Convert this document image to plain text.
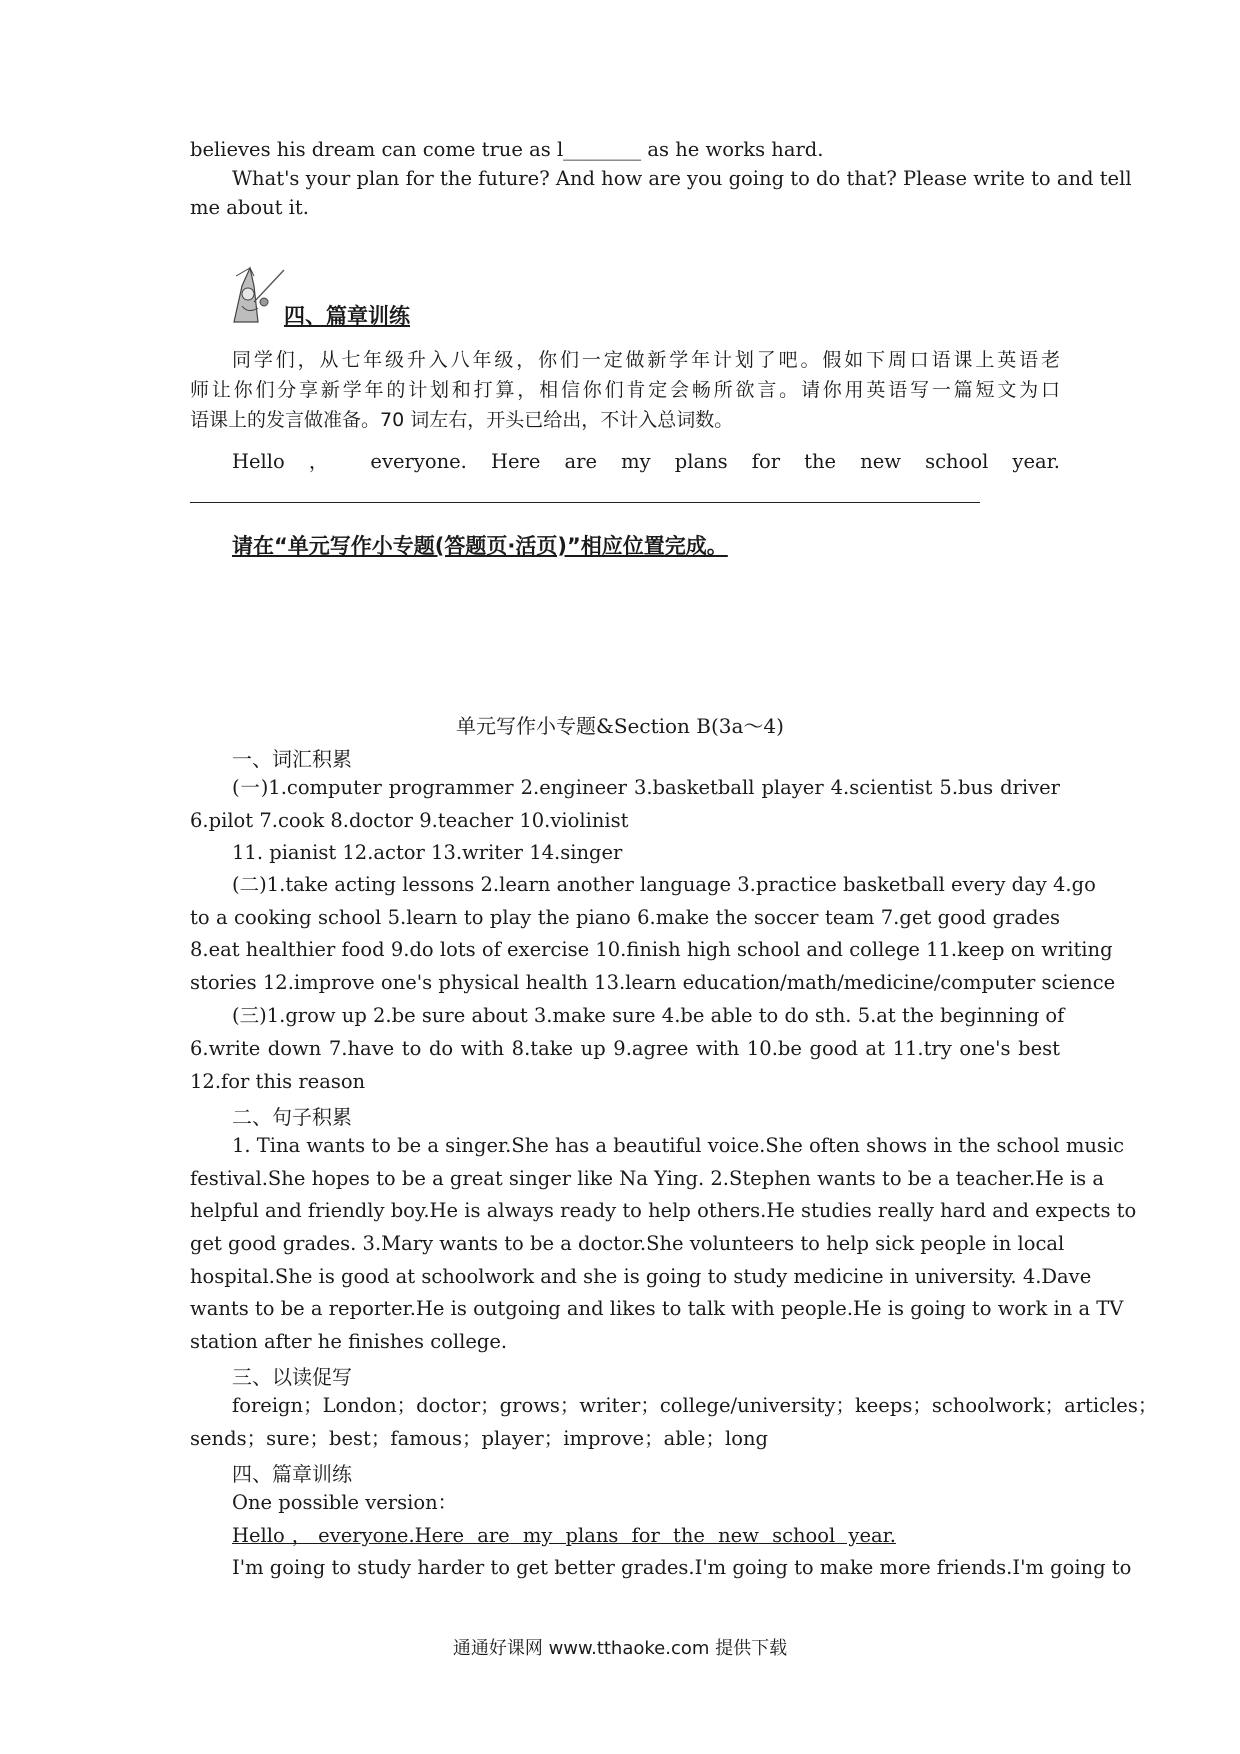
believes his dream can come true as l________ as he works hard.
What's your plan for the future? And how are you going to do that? Please write to and tell
me about it.
四、篇章训练
同学们，从七年级升入八年级，你们一定做新学年计划了吧。假如下周口语课上英语老
师让你们分享新学年的计划和打算，相信你们肯定会畅所欲言。请你用英语写一篇短文为口
语课上的发言做准备。70 词左右，开头已给出，不计入总词数。
Hello ， everyone. Here are my plans for the new school year.
请在“单元写作小专题(答题页·活页)”相应位置完成。
单元写作小专题&Section B(3a～4)
一、词汇积累
(一)1.computer programmer 2.engineer 3.basketball player 4.scientist 5.bus driver
6.pilot 7.cook 8.doctor 9.teacher 10.violinist
11. pianist 12.actor 13.writer 14.singer
(二)1.take acting lessons 2.learn another language 3.practice basketball every day 4.go
to a cooking school 5.learn to play the piano 6.make the soccer team 7.get good grades
8.eat healthier food 9.do lots of exercise 10.finish high school and college 11.keep on writing
stories 12.improve one's physical health 13.learn education/math/medicine/computer science
(三)1.grow up 2.be sure about 3.make sure 4.be able to do sth. 5.at the beginning of
6.write down 7.have to do with 8.take up 9.agree with 10.be good at 11.try one's best
12.for this reason
二、句子积累
1. Tina wants to be a singer.She has a beautiful voice.She often shows in the school music
festival.She hopes to be a great singer like Na Ying. 2.Stephen wants to be a teacher.He is a
helpful and friendly boy.He is always ready to help others.He studies really hard and expects to
get good grades. 3.Mary wants to be a doctor.She volunteers to help sick people in local
hospital.She is good at schoolwork and she is going to study medicine in university. 4.Dave
wants to be a reporter.He is outgoing and likes to talk with people.He is going to work in a TV
station after he finishes college.
三、以读促写
foreign；London；doctor；grows；writer；college/university；keeps；schoolwork；articles；
sends；sure；best；famous；player；improve；able；long
四、篇章训练
One possible version：
Hello，everyone.Here are my plans for the new school year.
I'm going to study harder to get better grades.I'm going to make more friends.I'm going to
通通好课网 www.tthaoke.com 提供下载
